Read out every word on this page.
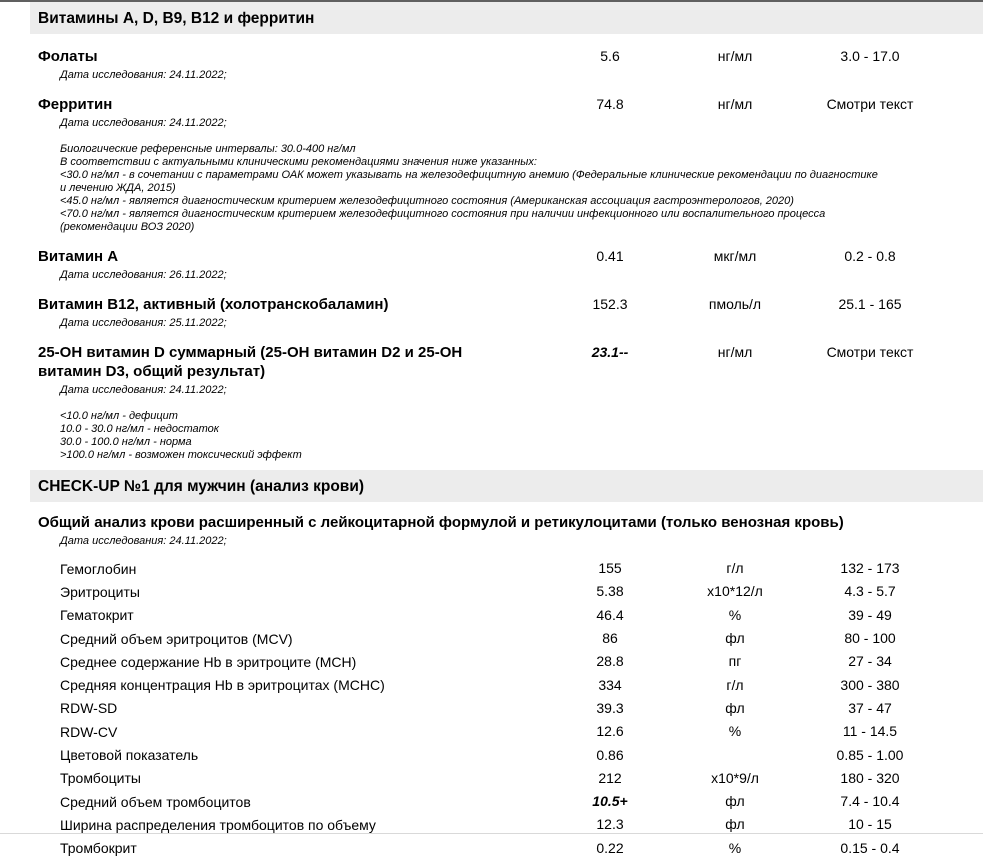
Витамины А, D, В9, В12 и ферритин
Фолаты	5.6	нг/мл	3.0 - 17.0
Дата исследования: 24.11.2022;
Ферритин	74.8	нг/мл	Смотри текст
Дата исследования: 24.11.2022;
Биологические референсные интервалы: 30.0-400 нг/мл
В соответствии с актуальными клиническими рекомендациями значения ниже указанных:
<30.0 нг/мл - в сочетании с параметрами ОАК может указывать на железодефицитную анемию (Федеральные клинические рекомендации по диагностике
и лечению ЖДА, 2015)
<45.0 нг/мл - является диагностическим критерием железодефицитного состояния (Американская ассоциация гастроэнтерологов, 2020)
<70.0 нг/мл - является диагностическим критерием железодефицитного состояния при наличии инфекционного или воспалительного процесса
(рекомендации ВОЗ 2020)
Витамин А	0.41	мкг/мл	0.2 - 0.8
Дата исследования: 26.11.2022;
Витамин В12, активный (холотранскобаламин)	152.3	пмоль/л	25.1 - 165
Дата исследования: 25.11.2022;
25-ОН витамин D суммарный (25-ОН витамин D2 и 25-ОН витамин D3, общий результат)
23.1--	нг/мл	Смотри текст
Дата исследования: 24.11.2022;
<10.0 нг/мл - дефицит
10.0 - 30.0 нг/мл - недостаток
30.0 - 100.0 нг/мл - норма
>100.0 нг/мл - возможен токсический эффект
CHECK-UP №1 для мужчин (анализ крови)
Общий анализ крови расширенный с лейкоцитарной формулой и ретикулоцитами (только венозная кровь)
Дата исследования: 24.11.2022;
Гемоглобин	155	г/л	132 - 173
Эритроциты	5.38	х10*12/л	4.3 - 5.7
Гематокрит	46.4	%	39 - 49
Средний объем эритроцитов (MCV)	86	фл	80 - 100
Среднее содержание Hb в эритроците (MCH)	28.8	пг	27 - 34
Средняя концентрация Hb в эритроцитах (MCHC)	334	г/л	300 - 380
RDW-SD	39.3	фл	37 - 47
RDW-CV	12.6	%	11 - 14.5
Цветовой показатель	0.86	0.85 - 1.00
Тромбоциты	212	х10*9/л	180 - 320
Средний объем тромбоцитов	10.5+	фл	7.4 - 10.4
Ширина распределения тромбоцитов по объему	12.3	фл	10 - 15
Тромбокрит	0.22	%	0.15 - 0.4
